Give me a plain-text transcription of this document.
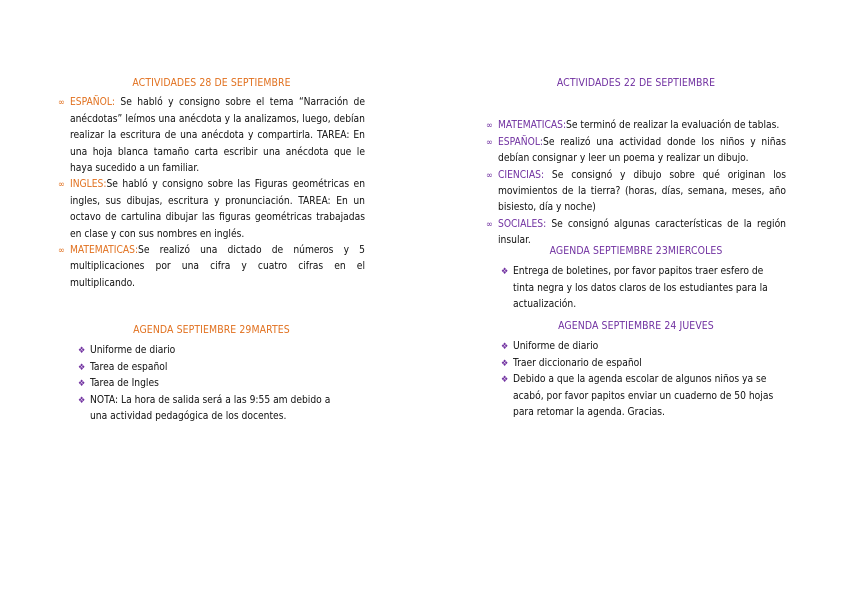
ACTIVIDADES 28 DE SEPTIEMBRE
∞ ESPAÑOL: Se habló y consigno sobre el tema “Narración de anécdotas” leímos una anécdota y la analizamos, luego, debían realizar la escritura de una anécdota y compartirla. TAREA: En una hoja blanca tamaño carta escribir una anécdota que le haya sucedido a un familiar.
∞ INGLES:Se habló y consigno sobre las Figuras geométricas en ingles, sus dibujas, escritura y pronunciación. TAREA: En un octavo de cartulina dibujar las figuras geométricas trabajadas en clase y con sus nombres en inglés.
∞ MATEMATICAS:Se realizó una dictado de números y 5 multiplicaciones por una cifra y cuatro cifras en el multiplicando.
AGENDA SEPTIEMBRE 29MARTES
❖ Uniforme de diario
❖ Tarea de español
❖ Tarea de Ingles
❖ NOTA: La hora de salida será a las 9:55 am debido a una actividad pedagógica de los docentes.
ACTIVIDADES 22 DE SEPTIEMBRE
∞ MATEMATICAS:Se terminó de realizar la evaluación de tablas.
∞ ESPAÑOL:Se realizó una actividad donde los niños y niñas debían consignar y leer un poema y realizar un dibujo.
∞ CIENCIAS: Se consignó y dibujo sobre qué originan los movimientos de la tierra? (horas, días, semana, meses, año bisiesto, día y noche)
∞ SOCIALES: Se consignó algunas características de la región insular.
AGENDA SEPTIEMBRE 23MIERCOLES
❖ Entrega de boletines, por favor papitos traer esfero de tinta negra y los datos claros de los estudiantes para la actualización.
AGENDA SEPTIEMBRE 24 JUEVES
❖ Uniforme de diario
❖ Traer diccionario de español
❖ Debido a que la agenda escolar de algunos niños ya se acabó, por favor papitos enviar un cuaderno de 50 hojas para retomar la agenda. Gracias.
